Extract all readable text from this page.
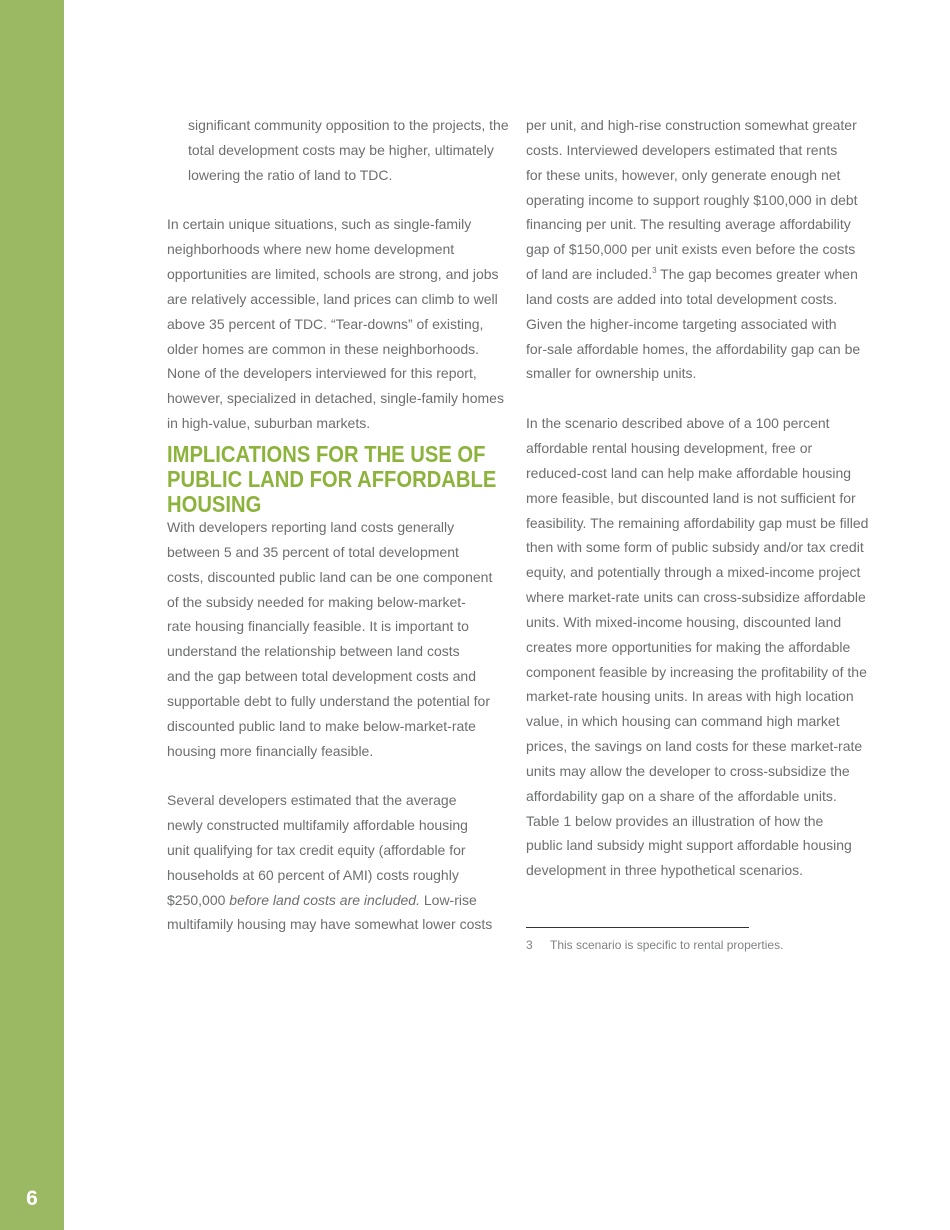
6
significant community opposition to the projects, the
total development costs may be higher, ultimately
lowering the ratio of land to TDC.
In certain unique situations, such as single-family
neighborhoods where new home development
opportunities are limited, schools are strong, and jobs
are relatively accessible, land prices can climb to well
above 35 percent of TDC. “Tear-downs” of existing,
older homes are common in these neighborhoods.
None of the developers interviewed for this report,
however, specialized in detached, single-family homes
in high-value, suburban markets.
IMPLICATIONS FOR THE USE OF
PUBLIC LAND FOR AFFORDABLE
HOUSING
With developers reporting land costs generally
between 5 and 35 percent of total development
costs, discounted public land can be one component
of the subsidy needed for making below-market-
rate housing financially feasible. It is important to
understand the relationship between land costs
and the gap between total development costs and
supportable debt to fully understand the potential for
discounted public land to make below-market-rate
housing more financially feasible.
Several developers estimated that the average
newly constructed multifamily affordable housing
unit qualifying for tax credit equity (affordable for
households at 60 percent of AMI) costs roughly
$250,000 before land costs are included. Low-rise
multifamily housing may have somewhat lower costs
per unit, and high-rise construction somewhat greater
costs. Interviewed developers estimated that rents
for these units, however, only generate enough net
operating income to support roughly $100,000 in debt
financing per unit. The resulting average affordability
gap of $150,000 per unit exists even before the costs
of land are included.$^3$ The gap becomes greater when
land costs are added into total development costs.
Given the higher-income targeting associated with
for-sale affordable homes, the affordability gap can be
smaller for ownership units.
In the scenario described above of a 100 percent
affordable rental housing development, free or
reduced-cost land can help make affordable housing
more feasible, but discounted land is not sufficient for
feasibility. The remaining affordability gap must be filled
then with some form of public subsidy and/or tax credit
equity, and potentially through a mixed-income project
where market-rate units can cross-subsidize affordable
units. With mixed-income housing, discounted land
creates more opportunities for making the affordable
component feasible by increasing the profitability of the
market-rate housing units. In areas with high location
value, in which housing can command high market
prices, the savings on land costs for these market-rate
units may allow the developer to cross-subsidize the
affordability gap on a share of the affordable units.
Table 1 below provides an illustration of how the
public land subsidy might support affordable housing
development in three hypothetical scenarios.
3 This scenario is specific to rental properties.
